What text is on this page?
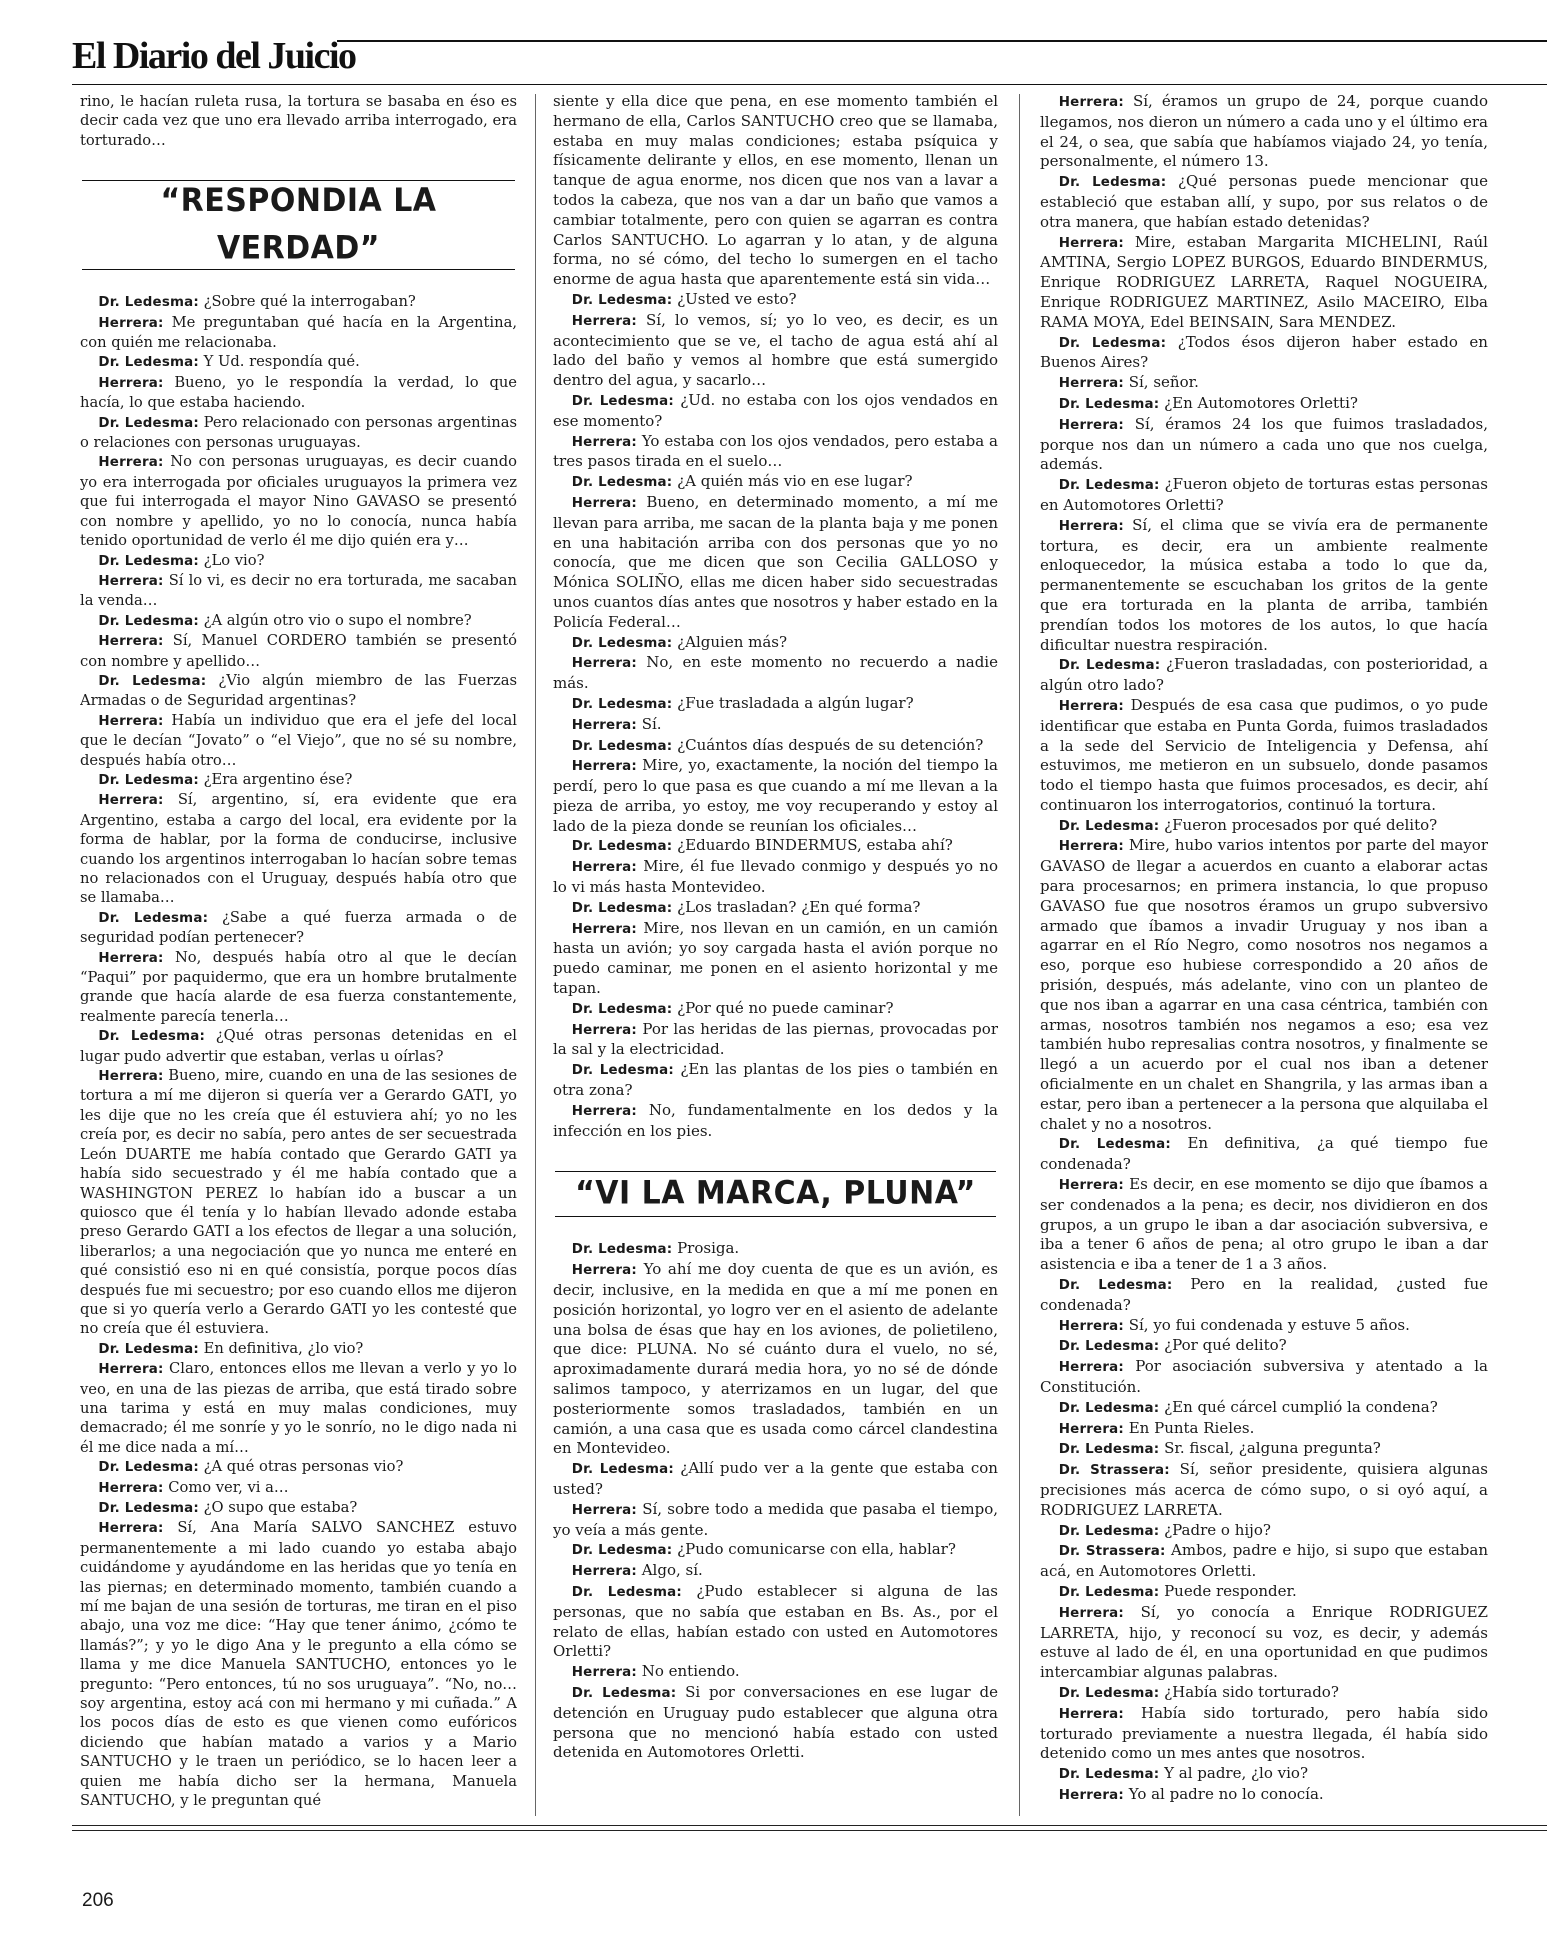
El Diario del Juicio

rino, le hacían ruleta rusa, la tortura se basaba en éso es decir cada vez que uno era llevado arriba interrogado, era torturado…

“RESPONDIA LA VERDAD”

Dr. Ledesma: ¿Sobre qué la interrogaban?

Herrera: Me preguntaban qué hacía en la Argentina, con quién me relacionaba.

Dr. Ledesma: Y Ud. respondía qué.

Herrera: Bueno, yo le respondía la verdad, lo que hacía, lo que estaba haciendo.

Dr. Ledesma: Pero relacionado con personas argentinas o relaciones con personas uruguayas.

Herrera: No con personas uruguayas, es decir cuando yo era interrogada por oficiales uruguayos la primera vez que fui interrogada el mayor Nino GAVASO se presentó con nombre y apellido, yo no lo conocía, nunca había tenido oportunidad de verlo él me dijo quién era y…

Dr. Ledesma: ¿Lo vio?

Herrera: Sí lo vi, es decir no era torturada, me sacaban la venda…

Dr. Ledesma: ¿A algún otro vio o supo el nombre?

Herrera: Sí, Manuel CORDERO también se presentó con nombre y apellido…

Dr. Ledesma: ¿Vio algún miembro de las Fuerzas Armadas o de Seguridad argentinas?

Herrera: Había un individuo que era el jefe del local que le decían “Jovato” o “el Viejo”, que no sé su nombre, después había otro…

Dr. Ledesma: ¿Era argentino ése?

Herrera: Sí, argentino, sí, era evidente que era Argentino, estaba a cargo del local, era evidente por la forma de hablar, por la forma de conducirse, inclusive cuando los argentinos interrogaban lo hacían sobre temas no relacionados con el Uruguay, después había otro que se llamaba…

Dr. Ledesma: ¿Sabe a qué fuerza armada o de seguridad podían pertenecer?

Herrera: No, después había otro al que le decían “Paqui” por paquidermo, que era un hombre brutalmente grande que hacía alarde de esa fuerza constantemente, realmente parecía tenerla…

Dr. Ledesma: ¿Qué otras personas detenidas en el lugar pudo advertir que estaban, verlas u oírlas?

Herrera: Bueno, mire, cuando en una de las sesiones de tortura a mí me dijeron si quería ver a Gerardo GATI, yo les dije que no les creía que él estuviera ahí; yo no les creía por, es decir no sabía, pero antes de ser secuestrada León DUARTE me había contado que Gerardo GATI ya había sido secuestrado y él me había contado que a WASHINGTON PEREZ lo habían ido a buscar a un quiosco que él tenía y lo habían llevado adonde estaba preso Gerardo GATI a los efectos de llegar a una solución, liberarlos; a una negociación que yo nunca me enteré en qué consistió eso ni en qué consistía, porque pocos días después fue mi secuestro; por eso cuando ellos me dijeron que si yo quería verlo a Gerardo GATI yo les contesté que no creía que él estuviera.

Dr. Ledesma: En definitiva, ¿lo vio?

Herrera: Claro, entonces ellos me llevan a verlo y yo lo veo, en una de las piezas de arriba, que está tirado sobre una tarima y está en muy malas condiciones, muy demacrado; él me sonríe y yo le sonrío, no le digo nada ni él me dice nada a mí…

Dr. Ledesma: ¿A qué otras personas vio?

Herrera: Como ver, vi a…

Dr. Ledesma: ¿O supo que estaba?

Herrera: Sí, Ana María SALVO SANCHEZ estuvo permanentemente a mi lado cuando yo estaba abajo cuidándome y ayudándome en las heridas que yo tenía en las piernas; en determinado momento, también cuando a mí me bajan de una sesión de torturas, me tiran en el piso abajo, una voz me dice: “Hay que tener ánimo, ¿cómo te llamás?”; y yo le digo Ana y le pregunto a ella cómo se llama y me dice Manuela SANTUCHO, entonces yo le pregunto: “Pero entonces, tú no sos uruguaya”. “No, no… soy argentina, estoy acá con mi hermano y mi cuñada.” A los pocos días de esto es que vienen como eufóricos diciendo que habían matado a varios y a Mario SANTUCHO y le traen un periódico, se lo hacen leer a quien me había dicho ser la hermana, Manuela SANTUCHO, y le preguntan qué

siente y ella dice que pena, en ese momento también el hermano de ella, Carlos SANTUCHO creo que se llamaba, estaba en muy malas condiciones; estaba psíquica y físicamente delirante y ellos, en ese momento, llenan un tanque de agua enorme, nos dicen que nos van a lavar a todos la cabeza, que nos van a dar un baño que vamos a cambiar totalmente, pero con quien se agarran es contra Carlos SANTUCHO. Lo agarran y lo atan, y de alguna forma, no sé cómo, del techo lo sumergen en el tacho enorme de agua hasta que aparentemente está sin vida…

Dr. Ledesma: ¿Usted ve esto?

Herrera: Sí, lo vemos, sí; yo lo veo, es decir, es un acontecimiento que se ve, el tacho de agua está ahí al lado del baño y vemos al hombre que está sumergido dentro del agua, y sacarlo…

Dr. Ledesma: ¿Ud. no estaba con los ojos vendados en ese momento?

Herrera: Yo estaba con los ojos vendados, pero estaba a tres pasos tirada en el suelo…

Dr. Ledesma: ¿A quién más vio en ese lugar?

Herrera: Bueno, en determinado momento, a mí me llevan para arriba, me sacan de la planta baja y me ponen en una habitación arriba con dos personas que yo no conocía, que me dicen que son Cecilia GALLOSO y Mónica SOLIÑO, ellas me dicen haber sido secuestradas unos cuantos días antes que nosotros y haber estado en la Policía Federal…

Dr. Ledesma: ¿Alguien más?

Herrera: No, en este momento no recuerdo a nadie más.

Dr. Ledesma: ¿Fue trasladada a algún lugar?

Herrera: Sí.

Dr. Ledesma: ¿Cuántos días después de su detención?

Herrera: Mire, yo, exactamente, la noción del tiempo la perdí, pero lo que pasa es que cuando a mí me llevan a la pieza de arriba, yo estoy, me voy recuperando y estoy al lado de la pieza donde se reunían los oficiales…

Dr. Ledesma: ¿Eduardo BINDERMUS, estaba ahí?

Herrera: Mire, él fue llevado conmigo y después yo no lo vi más hasta Montevideo.

Dr. Ledesma: ¿Los trasladan? ¿En qué forma?

Herrera: Mire, nos llevan en un camión, en un camión hasta un avión; yo soy cargada hasta el avión porque no puedo caminar, me ponen en el asiento horizontal y me tapan.

Dr. Ledesma: ¿Por qué no puede caminar?

Herrera: Por las heridas de las piernas, provocadas por la sal y la electricidad.

Dr. Ledesma: ¿En las plantas de los pies o también en otra zona?

Herrera: No, fundamentalmente en los dedos y la infección en los pies.

“VI LA MARCA, PLUNA”

Dr. Ledesma: Prosiga.

Herrera: Yo ahí me doy cuenta de que es un avión, es decir, inclusive, en la medida en que a mí me ponen en posición horizontal, yo logro ver en el asiento de adelante una bolsa de ésas que hay en los aviones, de polietileno, que dice: PLUNA. No sé cuánto dura el vuelo, no sé, aproximadamente durará media hora, yo no sé de dónde salimos tampoco, y aterrizamos en un lugar, del que posteriormente somos trasladados, también en un camión, a una casa que es usada como cárcel clandestina en Montevideo.

Dr. Ledesma: ¿Allí pudo ver a la gente que estaba con usted?

Herrera: Sí, sobre todo a medida que pasaba el tiempo, yo veía a más gente.

Dr. Ledesma: ¿Pudo comunicarse con ella, hablar?

Herrera: Algo, sí.

Dr. Ledesma: ¿Pudo establecer si alguna de las personas, que no sabía que estaban en Bs. As., por el relato de ellas, habían estado con usted en Automotores Orletti?

Herrera: No entiendo.

Dr. Ledesma: Si por conversaciones en ese lugar de detención en Uruguay pudo establecer que alguna otra persona que no mencionó había estado con usted detenida en Automotores Orletti.

Herrera: Sí, éramos un grupo de 24, porque cuando llegamos, nos dieron un número a cada uno y el último era el 24, o sea, que sabía que habíamos viajado 24, yo tenía, personalmente, el número 13.

Dr. Ledesma: ¿Qué personas puede mencionar que estableció que estaban allí, y supo, por sus relatos o de otra manera, que habían estado detenidas?

Herrera: Mire, estaban Margarita MICHELINI, Raúl AMTINA, Sergio LOPEZ BURGOS, Eduardo BINDERMUS, Enrique RODRIGUEZ LARRETA, Raquel NOGUEIRA, Enrique RODRIGUEZ MARTINEZ, Asilo MACEIRO, Elba RAMA MOYA, Edel BEINSAIN, Sara MENDEZ.

Dr. Ledesma: ¿Todos ésos dijeron haber estado en Buenos Aires?

Herrera: Sí, señor.

Dr. Ledesma: ¿En Automotores Orletti?

Herrera: Sí, éramos 24 los que fuimos trasladados, porque nos dan un número a cada uno que nos cuelga, además.

Dr. Ledesma: ¿Fueron objeto de torturas estas personas en Automotores Orletti?

Herrera: Sí, el clima que se vivía era de permanente tortura, es decir, era un ambiente realmente enloquecedor, la música estaba a todo lo que da, permanentemente se escuchaban los gritos de la gente que era torturada en la planta de arriba, también prendían todos los motores de los autos, lo que hacía dificultar nuestra respiración.

Dr. Ledesma: ¿Fueron trasladadas, con posterioridad, a algún otro lado?

Herrera: Después de esa casa que pudimos, o yo pude identificar que estaba en Punta Gorda, fuimos trasladados a la sede del Servicio de Inteligencia y Defensa, ahí estuvimos, me metieron en un subsuelo, donde pasamos todo el tiempo hasta que fuimos procesados, es decir, ahí continuaron los interrogatorios, continuó la tortura.

Dr. Ledesma: ¿Fueron procesados por qué delito?

Herrera: Mire, hubo varios intentos por parte del mayor GAVASO de llegar a acuerdos en cuanto a elaborar actas para procesarnos; en primera instancia, lo que propuso GAVASO fue que nosotros éramos un grupo subversivo armado que íbamos a invadir Uruguay y nos iban a agarrar en el Río Negro, como nosotros nos negamos a eso, porque eso hubiese correspondido a 20 años de prisión, después, más adelante, vino con un planteo de que nos iban a agarrar en una casa céntrica, también con armas, nosotros también nos negamos a eso; esa vez también hubo represalias contra nosotros, y finalmente se llegó a un acuerdo por el cual nos iban a detener oficialmente en un chalet en Shangrila, y las armas iban a estar, pero iban a pertenecer a la persona que alquilaba el chalet y no a nosotros.

Dr. Ledesma: En definitiva, ¿a qué tiempo fue condenada?

Herrera: Es decir, en ese momento se dijo que íbamos a ser condenados a la pena; es decir, nos dividieron en dos grupos, a un grupo le iban a dar asociación subversiva, e iba a tener 6 años de pena; al otro grupo le iban a dar asistencia e iba a tener de 1 a 3 años.

Dr. Ledesma: Pero en la realidad, ¿usted fue condenada?

Herrera: Sí, yo fui condenada y estuve 5 años.

Dr. Ledesma: ¿Por qué delito?

Herrera: Por asociación subversiva y atentado a la Constitución.

Dr. Ledesma: ¿En qué cárcel cumplió la condena?

Herrera: En Punta Rieles.

Dr. Ledesma: Sr. fiscal, ¿alguna pregunta?

Dr. Strassera: Sí, señor presidente, quisiera algunas precisiones más acerca de cómo supo, o si oyó aquí, a RODRIGUEZ LARRETA.

Dr. Ledesma: ¿Padre o hijo?

Dr. Strassera: Ambos, padre e hijo, si supo que estaban acá, en Automotores Orletti.

Dr. Ledesma: Puede responder.

Herrera: Sí, yo conocía a Enrique RODRIGUEZ LARRETA, hijo, y reconocí su voz, es decir, y además estuve al lado de él, en una oportunidad en que pudimos intercambiar algunas palabras.

Dr. Ledesma: ¿Había sido torturado?

Herrera: Había sido torturado, pero había sido torturado previamente a nuestra llegada, él había sido detenido como un mes antes que nosotros.

Dr. Ledesma: Y al padre, ¿lo vio?

Herrera: Yo al padre no lo conocía.

206
